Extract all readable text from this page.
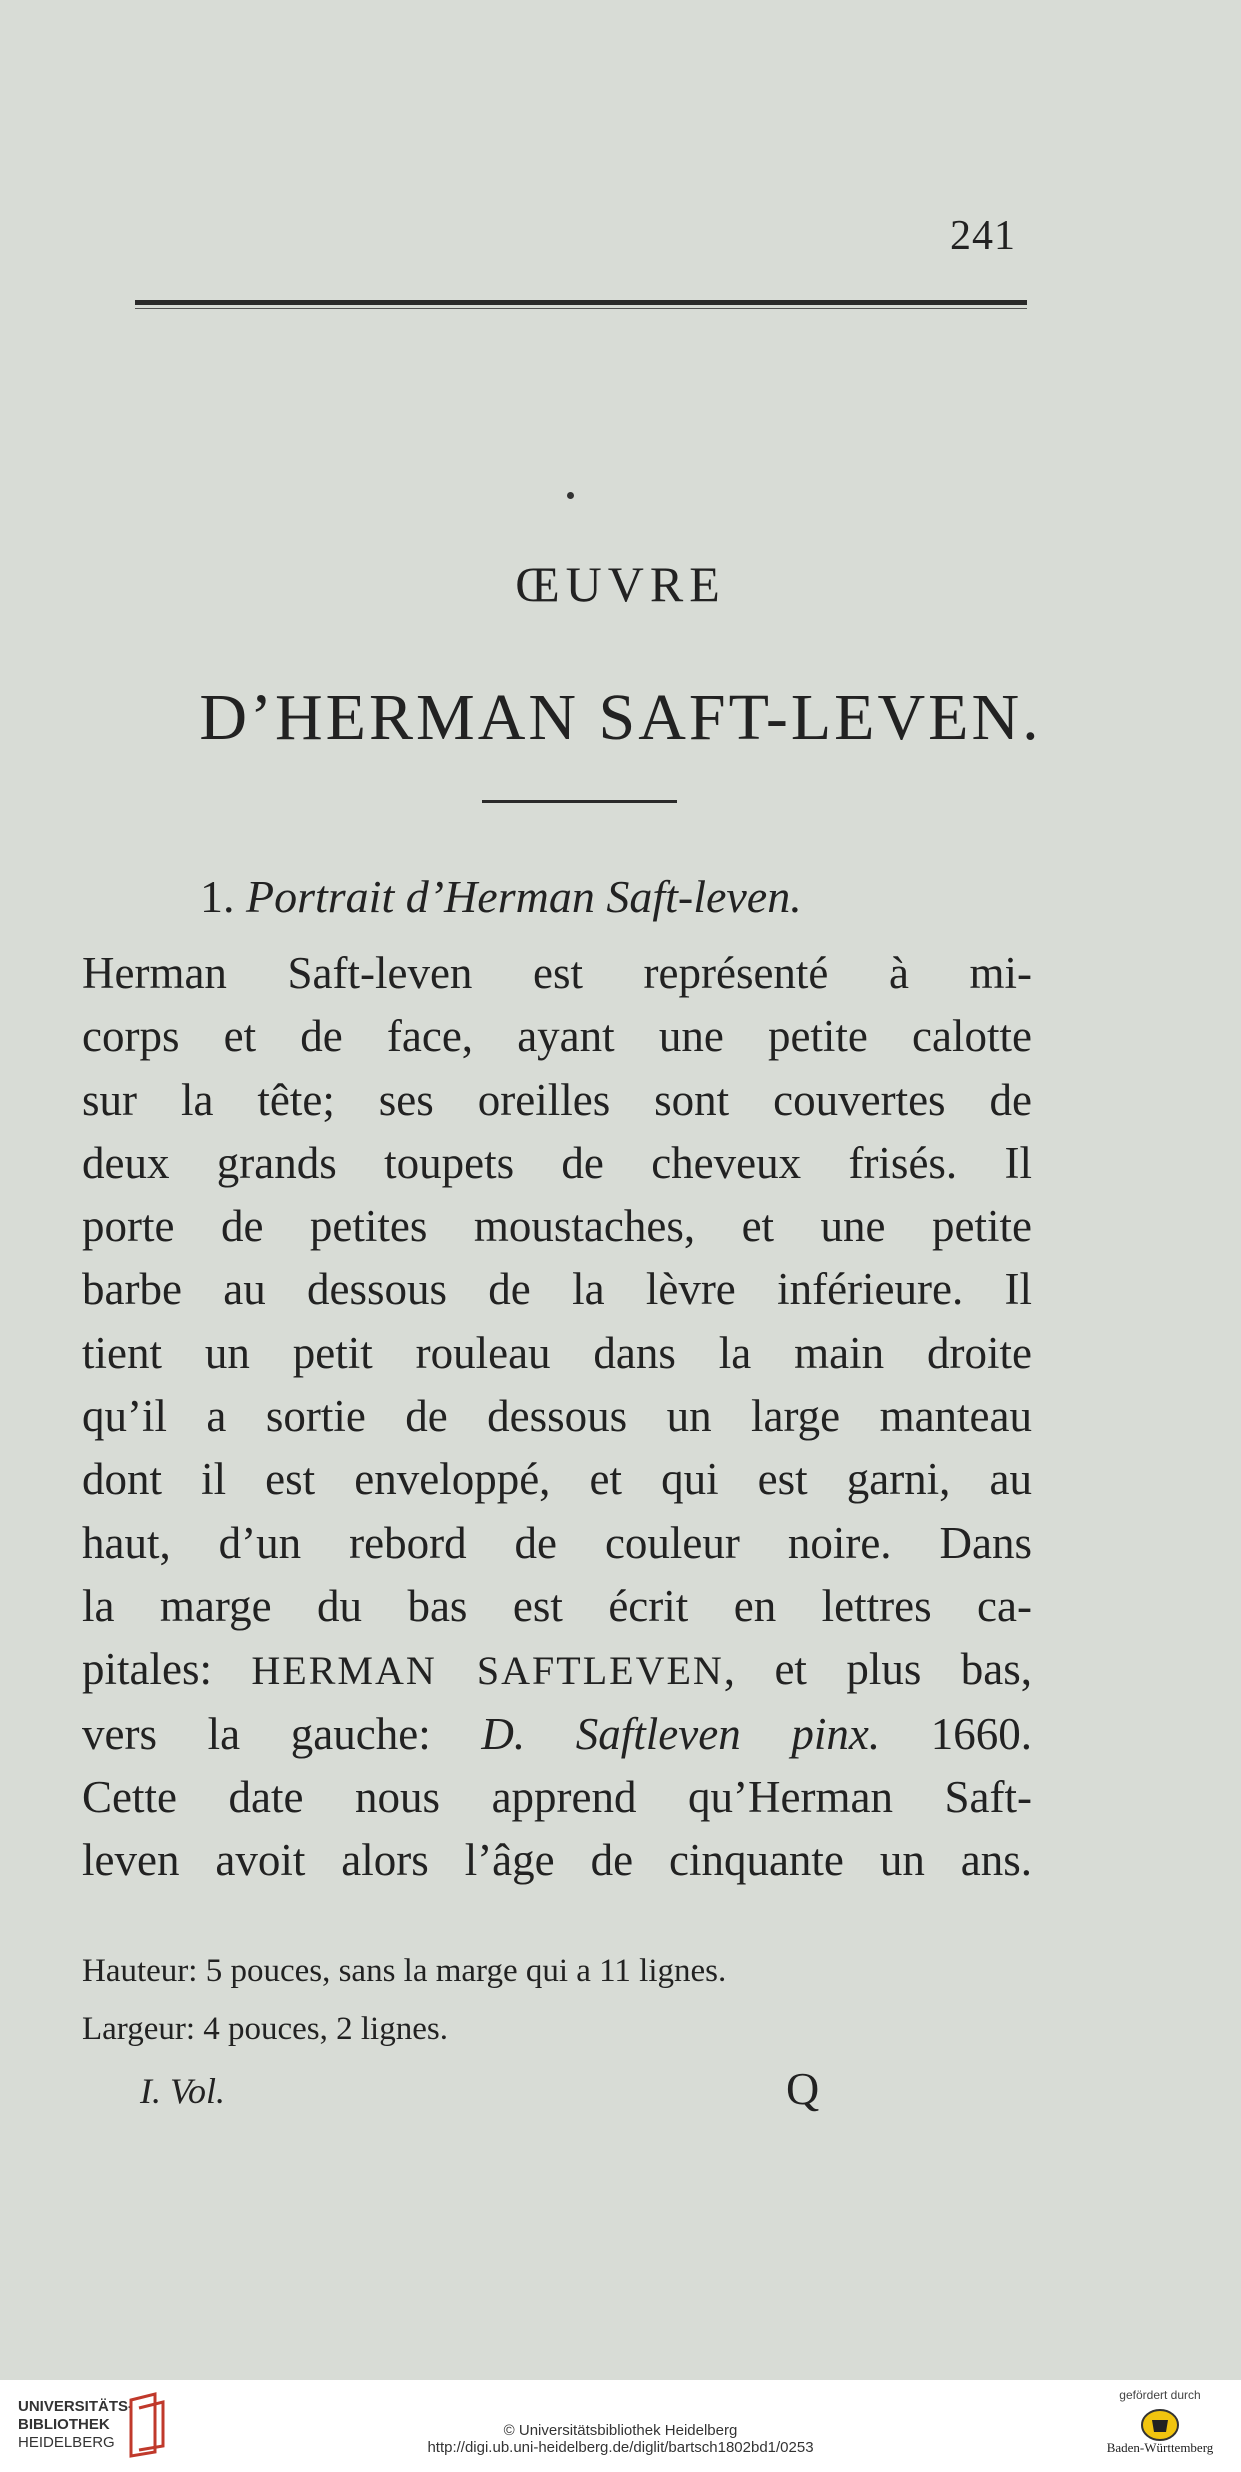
241
ŒUVRE
D’HERMAN SAFT-LEVEN.
1. Portrait d’Herman Saft-leven.
Herman Saft-leven est représenté à mi-
corps et de face, ayant une petite calotte
sur la tête; ses oreilles sont couvertes de
deux grands toupets de cheveux frisés. Il
porte de petites moustaches, et une petite
barbe au dessous de la lèvre inférieure. Il
tient un petit rouleau dans la main droite
qu’il a sortie de dessous un large manteau
dont il est enveloppé, et qui est garni, au
haut, d’un rebord de couleur noire. Dans
la marge du bas est écrit en lettres ca-
pitales: HERMAN SAFTLEVEN, et plus bas,
vers la gauche: D. Saftleven pinx. 1660.
Cette date nous apprend qu’Herman Saft-
leven avoit alors l’âge de cinquante un ans.
Hauteur: 5 pouces, sans la marge qui a 11 lignes.
Largeur: 4 pouces, 2 lignes.
I. Vol.	Q
UNIVERSITÄTS-
BIBLIOTHEK
HEIDELBERG
© Universitätsbibliothek Heidelberg
http://digi.ub.uni-heidelberg.de/diglit/bartsch1802bd1/0253
gefördert durch
Baden-Württemberg
